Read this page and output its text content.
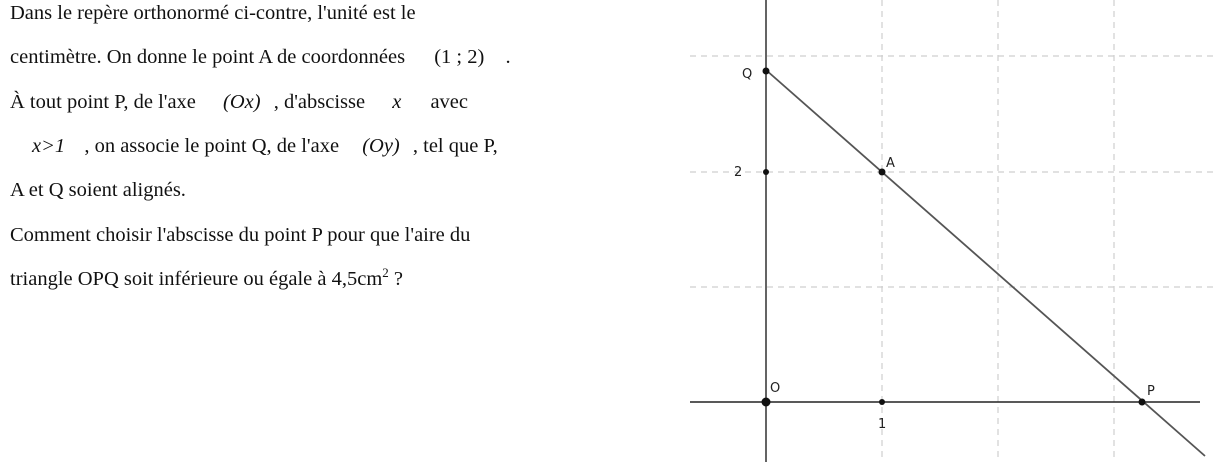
Dans le repère orthonormé ci-contre, l'unité est le
centimètre. On donne le point A de coordonnées (1 ; 2) .
À tout point P, de l'axe (Ox) , d'abscisse x avec
x>1 , on associe le point Q, de l'axe (Oy) , tel que P,
A et Q soient alignés.
Comment choisir l'abscisse du point P pour que l'aire du
triangle OPQ soit inférieure ou égale à $4,5cm^2$ ?
O
A
P
Q
1
2
